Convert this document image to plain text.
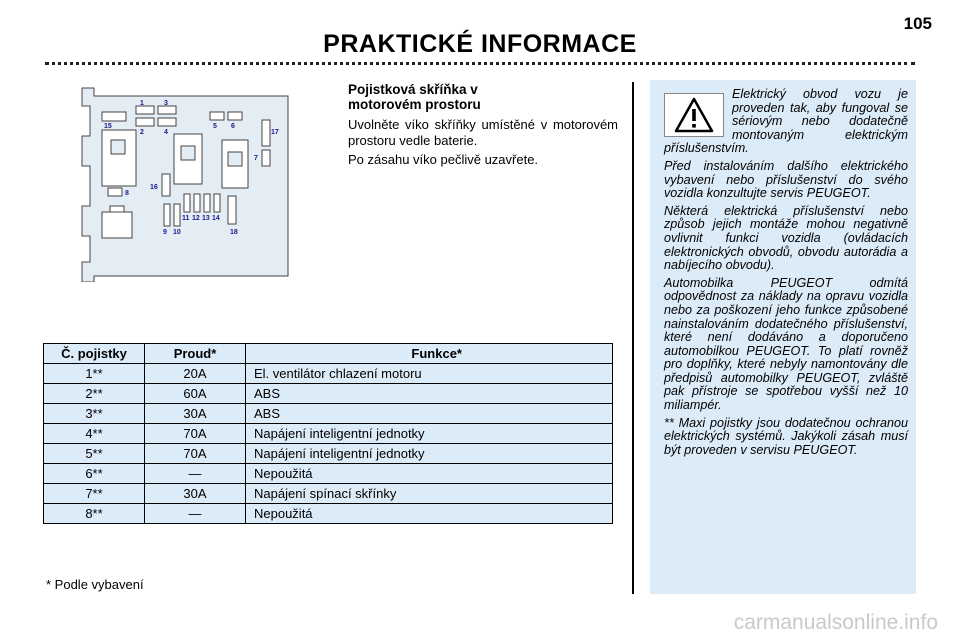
105
PRAKTICKÉ INFORMACE
15
1	3
2	4
5 6
17
7
16
8
11 12 13 14
9 10	18
Pojistková skříňka v
motorovém prostoru

Uvolněte víko skříňky umístěné v motorovém prostoru vedle baterie.

Po zásahu víko pečlivě uzavřete.

Č. pojistky	Proud*	Funkce*
1**	20A	El. ventilátor chlazení motoru
2**	60A	ABS
3**	30A	ABS
4**	70A	Napájení inteligentní jednotky
5**	70A	Napájení inteligentní jednotky
6**	—	Nepoužitá
7**	30A	Napájení spínací skřínky
8**	—	Nepoužitá
* Podle vybavení

Elektrický obvod vozu je proveden tak, aby fungoval se sériovým nebo dodatečně montovaným elektrickým příslušenstvím.

Před instalováním dalšího elektrického vybavení nebo příslušenství do svého vozidla konzultujte servis PEUGEOT.

Některá elektrická příslušenství nebo způsob jejich montáže mohou negativně ovlivnit funkci vozidla (ovládacích elektronických obvodů, obvodu autorádia a nabíjecího obvodu).

Automobilka PEUGEOT odmítá odpovědnost za náklady na opravu vozidla nebo za poškození jeho funkce způsobené nainstalováním dodatečného příslušenství, které není dodáváno a doporučeno automobilkou PEUGEOT. To platí rovněž pro doplňky, které nebyly namontovány dle předpisů automobilky PEUGEOT, zvláště pak přístroje se spotřebou vyšší než 10 miliampér.

** Maxi pojistky jsou dodatečnou ochranou elektrických systémů. Jakýkoli zásah musí být proveden v servisu PEUGEOT.

carmanualsonline.info
